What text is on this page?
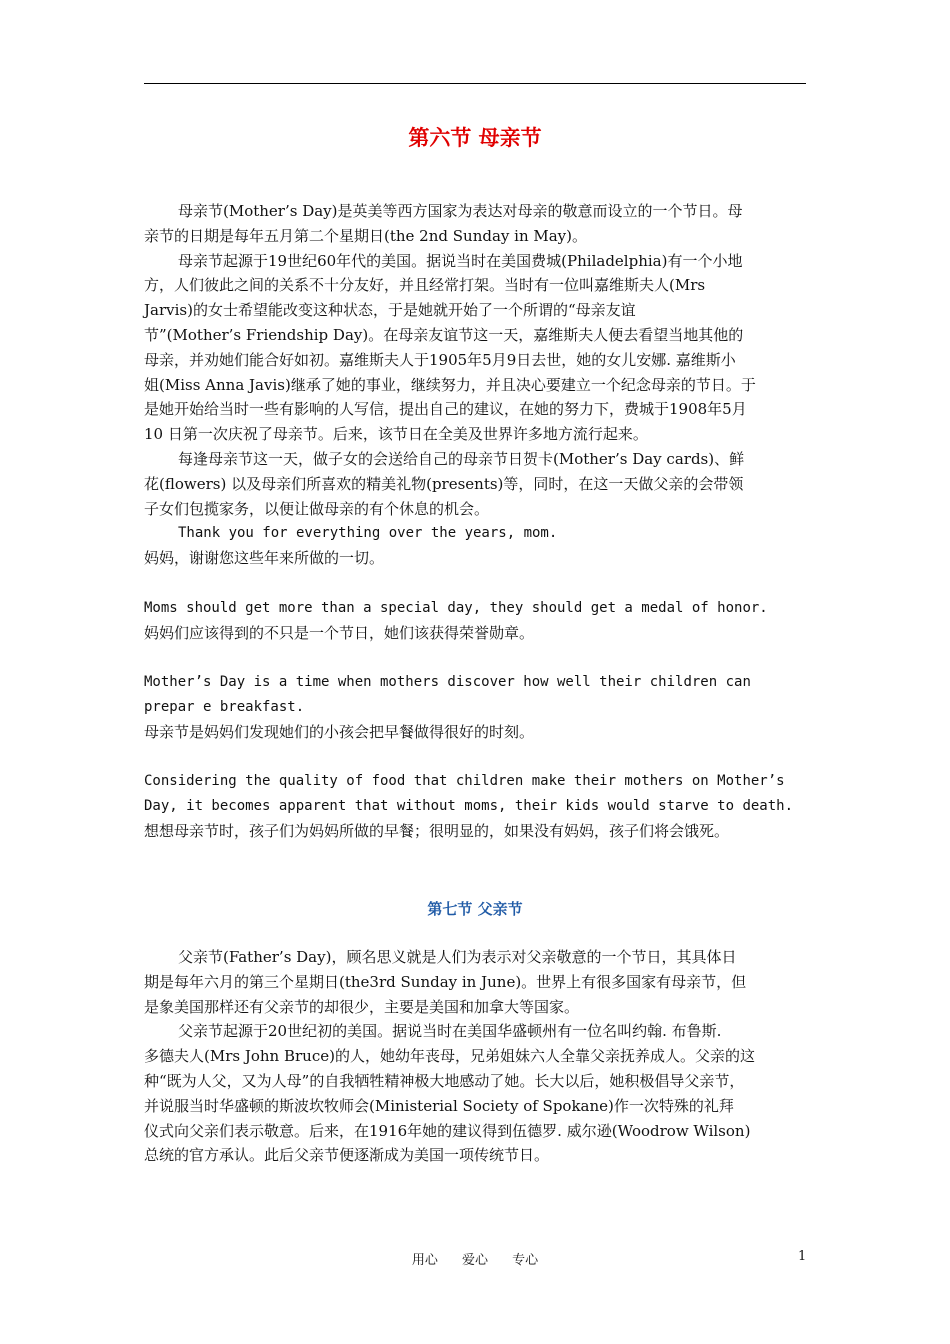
第六节 母亲节
母亲节(Mother’s Day)是英美等西方国家为表达对母亲的敬意而设立的一个节日。母
亲节的日期是每年五月第二个星期日(the 2nd Sunday in May)。
母亲节起源于19世纪60年代的美国。据说当时在美国费城(Philadelphia)有一个小地
方，人们彼此之间的关系不十分友好，并且经常打架。当时有一位叫嘉维斯夫人(Mrs
Jarvis)的女士希望能改变这种状态，于是她就开始了一个所谓的“母亲友谊
节”(Mother’s Friendship Day)。在母亲友谊节这一天，嘉维斯夫人便去看望当地其他的
母亲，并劝她们能合好如初。嘉维斯夫人于1905年5月9日去世，她的女儿安娜. 嘉维斯小
姐(Miss Anna Javis)继承了她的事业，继续努力，并且决心要建立一个纪念母亲的节日。于
是她开始给当时一些有影响的人写信，提出自己的建议，在她的努力下，费城于1908年5月
10 日第一次庆祝了母亲节。后来，该节日在全美及世界许多地方流行起来。
每逢母亲节这一天，做子女的会送给自己的母亲节日贺卡(Mother’s Day cards)、鲜
花(flowers) 以及母亲们所喜欢的精美礼物(presents)等，同时，在这一天做父亲的会带领
子女们包揽家务，以便让做母亲的有个休息的机会。
Thank you for everything over the years, mom.
妈妈，谢谢您这些年来所做的一切。
Moms should get more than a special day, they should get a medal of honor.
妈妈们应该得到的不只是一个节日，她们该获得荣誉勋章。
Mother’s Day is a time when mothers discover how well their children can
prepar e breakfast.
母亲节是妈妈们发现她们的小孩会把早餐做得很好的时刻。
Considering the quality of food that children make their mothers on Mother’s
Day, it becomes apparent that without moms, their kids would starve to death.
想想母亲节时，孩子们为妈妈所做的早餐；很明显的，如果没有妈妈，孩子们将会饿死。
第七节 父亲节
父亲节(Father’s Day)，顾名思义就是人们为表示对父亲敬意的一个节日，其具体日
期是每年六月的第三个星期日(the3rd Sunday in June)。世界上有很多国家有母亲节，但
是象美国那样还有父亲节的却很少，主要是美国和加拿大等国家。
父亲节起源于20世纪初的美国。据说当时在美国华盛顿州有一位名叫约翰. 布鲁斯.
多德夫人(Mrs John Bruce)的人，她幼年丧母，兄弟姐妹六人全靠父亲抚养成人。父亲的这
种“既为人父，又为人母”的自我牺牲精神极大地感动了她。长大以后，她积极倡导父亲节，
并说服当时华盛顿的斯波坎牧师会(Ministerial Society of Spokane)作一次特殊的礼拜
仪式向父亲们表示敬意。后来，在1916年她的建议得到伍德罗. 威尔逊(Woodrow Wilson)
总统的官方承认。此后父亲节便逐渐成为美国一项传统节日。
用心 爱心 专心	1
